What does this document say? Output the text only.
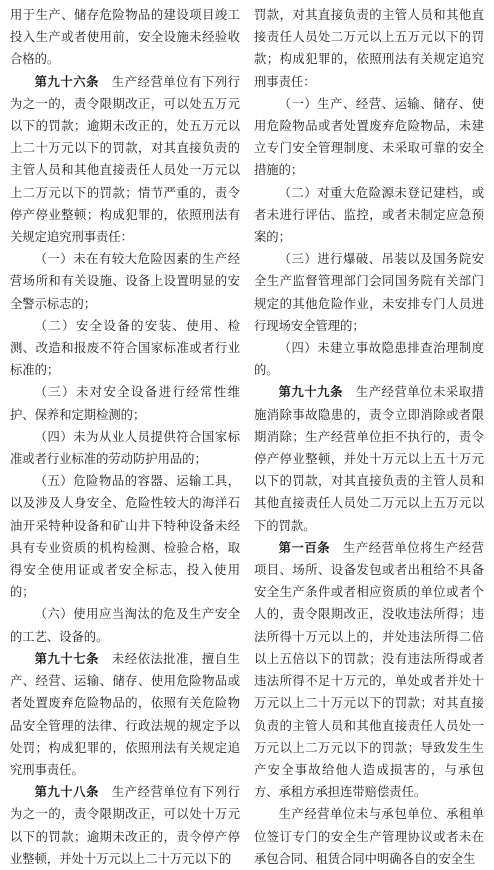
用于生产、储存危险物品的建设项目竣工投入生产或者使用前，安全设施未经验收合格的。

第九十六条　 生产经营单位有下列行为之一的，责令限期改正，可以处五万元以下的罚款；逾期未改正的，处五万元以上二十万元以下的罚款，对其直接负责的主管人员和其他直接责任人员处一万元以上二万元以下的罚款；情节严重的，责令停产停业整顿；构成犯罪的，依照刑法有关规定追究刑事责任：

（一）未在有较大危险因素的生产经营场所和有关设施、设备上设置明显的安全警示标志的；

（二）安全设备的安装、使用、检测、改造和报废不符合国家标准或者行业标准的；

（三）未对安全设备进行经常性维护、保养和定期检测的；

（四）未为从业人员提供符合国家标准或者行业标准的劳动防护用品的；

（五）危险物品的容器、运输工具，以及涉及人身安全、危险性较大的海洋石油开采特种设备和矿山井下特种设备未经具有专业资质的机构检测、检验合格，取得安全使用证或者安全标志，投入使用的；

（六）使用应当淘汰的危及生产安全的工艺、设备的。

第九十七条　 未经依法批准，擅自生产、经营、运输、储存、使用危险物品或者处置废弃危险物品的，依照有关危险物品安全管理的法律、行政法规的规定予以处罚；构成犯罪的，依照刑法有关规定追究刑事责任。

第九十八条　 生产经营单位有下列行为之一的，责令限期改正，可以处十万元以下的罚款；逾期未改正的，责令停产停业整顿，并处十万元以上二十万元以下的

罚款，对其直接负责的主管人员和其他直接责任人员处二万元以上五万元以下的罚款；构成犯罪的，依照刑法有关规定追究刑事责任：

（一）生产、经营、运输、储存、使用危险物品或者处置废弃危险物品，未建立专门安全管理制度、未采取可靠的安全措施的；

（二）对重大危险源未登记建档，或者未进行评估、监控，或者未制定应急预案的；

（三）进行爆破、吊装以及国务院安全生产监督管理部门会同国务院有关部门规定的其他危险作业，未安排专门人员进行现场安全管理的；

（四）未建立事故隐患排查治理制度的。

第九十九条　 生产经营单位未采取措施消除事故隐患的，责令立即消除或者限期消除；生产经营单位拒不执行的，责令停产停业整顿，并处十万元以上五十万元以下的罚款，对其直接负责的主管人员和其他直接责任人员处二万元以上五万元以下的罚款。

第一百条　 生产经营单位将生产经营项目、场所、设备发包或者出租给不具备安全生产条件或者相应资质的单位或者个人的，责令限期改正，没收违法所得；违法所得十万元以上的，并处违法所得二倍以上五倍以下的罚款；没有违法所得或者违法所得不足十万元的，单处或者并处十万元以上二十万元以下的罚款；对其直接负责的主管人员和其他直接责任人员处一万元以上二万元以下的罚款；导致发生生产安全事故给他人造成损害的，与承包方、承租方承担连带赔偿责任。

生产经营单位未与承包单位、承租单位签订专门的安全生产管理协议或者未在承包合同、租赁合同中明确各自的安全生
